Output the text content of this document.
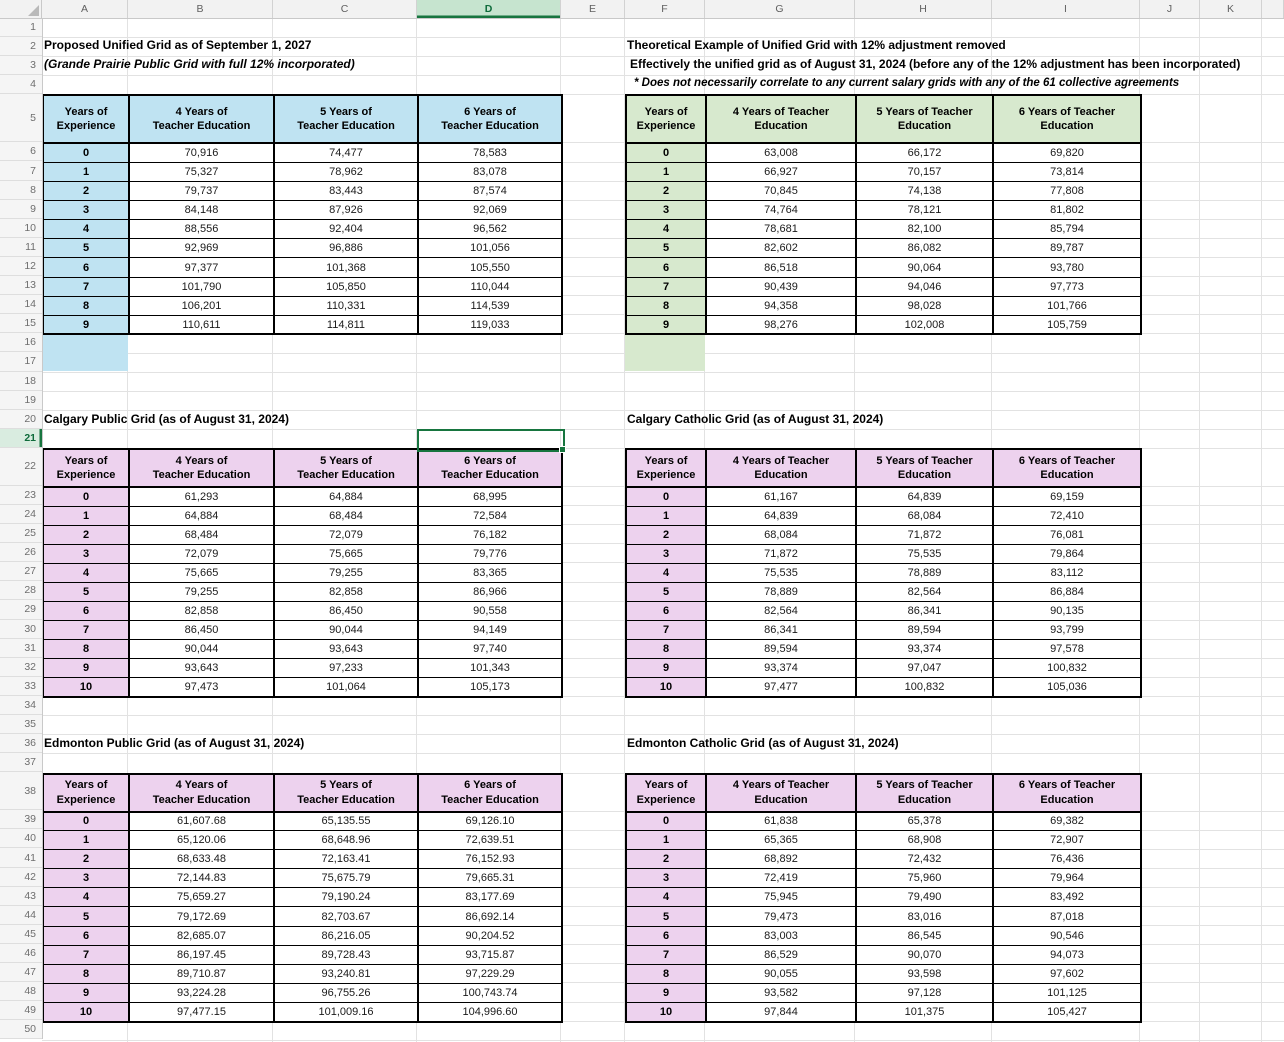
A	B	C	D	E	F	G	H	I	J	K
1
2
3
4
5
6
7
8
9
10
11
12
13
14
15
16
17
18
19
20
21
22
23
24
25
26
27
28
29
30
31
32
33
34
35
36
37
38
39
40
41
42
43
44
45
46
47
48
49
50
Proposed Unified Grid as of September 1, 2027
(Grande Prairie Public Grid with full 12% incorporated)
Theoretical Example of Unified Grid with 12% adjustment removed
Effectively the unified grid as of August 31, 2024 (before any of the 12% adjustment has been incorporated)
* Does not necessarily correlate to any current salary grids with any of the 61 collective agreements
Calgary Public Grid (as of August 31, 2024)	Calgary Catholic Grid (as of August 31, 2024)
Edmonton Public Grid (as of August 31, 2024)	Edmonton Catholic Grid (as of August 31, 2024)
Years of
Experience	4 Years of
Teacher Education	5 Years of
Teacher Education	6 Years of
Teacher Education
0	70,916	74,477	78,583
1	75,327	78,962	83,078
2	79,737	83,443	87,574
3	84,148	87,926	92,069
4	88,556	92,404	96,562
5	92,969	96,886	101,056
6	97,377	101,368	105,550
7	101,790	105,850	110,044
8	106,201	110,331	114,539
9	110,611	114,811	119,033
Years of
Experience	4 Years of Teacher
Education	5 Years of Teacher
Education	6 Years of Teacher
Education
0	63,008	66,172	69,820
1	66,927	70,157	73,814
2	70,845	74,138	77,808
3	74,764	78,121	81,802
4	78,681	82,100	85,794
5	82,602	86,082	89,787
6	86,518	90,064	93,780
7	90,439	94,046	97,773
8	94,358	98,028	101,766
9	98,276	102,008	105,759
Years of
Experience	4 Years of
Teacher Education	5 Years of
Teacher Education	6 Years of
Teacher Education
0	61,293	64,884	68,995
1	64,884	68,484	72,584
2	68,484	72,079	76,182
3	72,079	75,665	79,776
4	75,665	79,255	83,365
5	79,255	82,858	86,966
6	82,858	86,450	90,558
7	86,450	90,044	94,149
8	90,044	93,643	97,740
9	93,643	97,233	101,343
10	97,473	101,064	105,173
Years of
Experience	4 Years of Teacher
Education	5 Years of Teacher
Education	6 Years of Teacher
Education
0	61,167	64,839	69,159
1	64,839	68,084	72,410
2	68,084	71,872	76,081
3	71,872	75,535	79,864
4	75,535	78,889	83,112
5	78,889	82,564	86,884
6	82,564	86,341	90,135
7	86,341	89,594	93,799
8	89,594	93,374	97,578
9	93,374	97,047	100,832
10	97,477	100,832	105,036
Years of
Experience	4 Years of
Teacher Education	5 Years of
Teacher Education	6 Years of
Teacher Education
0	61,607.68	65,135.55	69,126.10
1	65,120.06	68,648.96	72,639.51
2	68,633.48	72,163.41	76,152.93
3	72,144.83	75,675.79	79,665.31
4	75,659.27	79,190.24	83,177.69
5	79,172.69	82,703.67	86,692.14
6	82,685.07	86,216.05	90,204.52
7	86,197.45	89,728.43	93,715.87
8	89,710.87	93,240.81	97,229.29
9	93,224.28	96,755.26	100,743.74
10	97,477.15	101,009.16	104,996.60
Years of
Experience	4 Years of Teacher
Education	5 Years of Teacher
Education	6 Years of Teacher
Education
0	61,838	65,378	69,382
1	65,365	68,908	72,907
2	68,892	72,432	76,436
3	72,419	75,960	79,964
4	75,945	79,490	83,492
5	79,473	83,016	87,018
6	83,003	86,545	90,546
7	86,529	90,070	94,073
8	90,055	93,598	97,602
9	93,582	97,128	101,125
10	97,844	101,375	105,427
